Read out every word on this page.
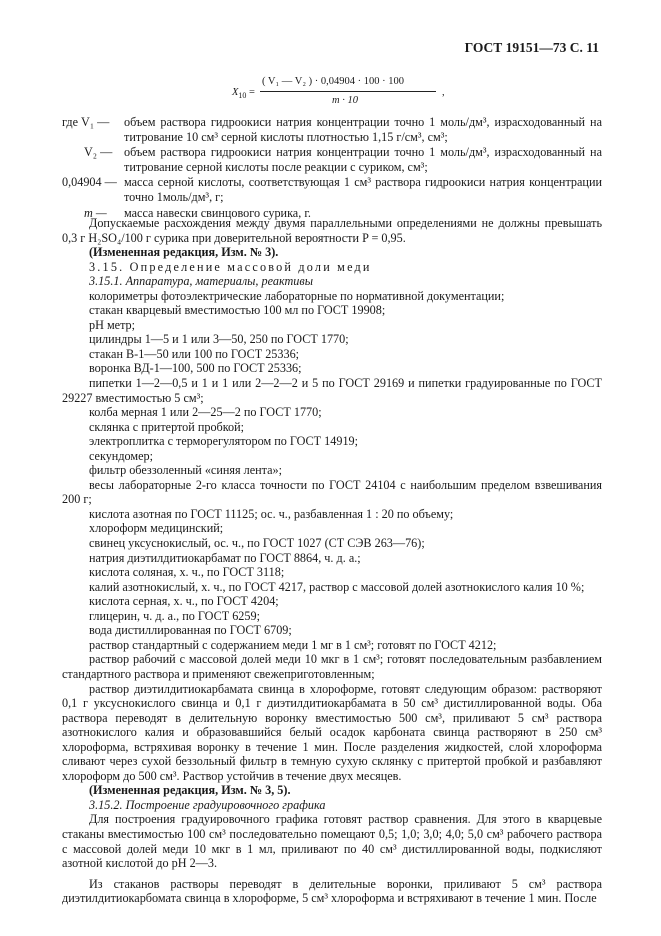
ГОСТ 19151—73 С. 11
$X_{10}$ =
( V₁ — V₂ ) · 0,04904 · 100 · 100
m · 10
,
где V₁ —	объем раствора гидроокиси натрия концентрации точно 1 моль/дм³, израсходованный на титрование 10 см³ серной кислоты плотностью 1,15 г/см³, см³;
V₂ — объем раствора гидроокиси натрия концентрации точно 1 моль/дм³, израсходованный на титрование серной кислоты после реакции с суриком, см³;
0,04904 — масса серной кислоты, соответствующая 1 см³ раствора гидроокиси натрия концентрации точно 1моль/дм³, г;
m —	масса навески свинцового сурика, г.

Допускаемые расхождения между двумя параллельными определениями не должны превышать 0,3 г H₂SO₄/100 г сурика при доверительной вероятности P = 0,95.

(Измененная редакция, Изм. № 3).

3.15. Определение массовой доли меди

3.15.1. Аппаратура, материалы, реактивы

колориметры фотоэлектрические лабораторные по нормативной документации;

стакан кварцевый вместимостью 100 мл по ГОСТ 19908;

рН метр;

цилиндры 1—5 и 1 или 3—50, 250 по ГОСТ 1770;

стакан В-1—50 или 100 по ГОСТ 25336;

воронка ВД-1—100, 500 по ГОСТ 25336;

пипетки 1—2—0,5 и 1 и 1 или 2—2—2 и 5 по ГОСТ 29169 и пипетки градуированные по ГОСТ 29227 вместимостью 5 см³;

колба мерная 1 или 2—25—2 по ГОСТ 1770;

склянка с притертой пробкой;

электроплитка с терморегулятором по ГОСТ 14919;

секундомер;

фильтр обеззоленный «синяя лента»;

весы лабораторные 2-го класса точности по ГОСТ 24104 с наибольшим пределом взвешивания 200 г;

кислота азотная по ГОСТ 11125; ос. ч., разбавленная 1 : 20 по объему;

хлороформ медицинский;

свинец уксуснокислый, ос. ч., по ГОСТ 1027 (СТ СЭВ 263—76);

натрия диэтилдитиокарбамат по ГОСТ 8864, ч. д. а.;

кислота соляная, х. ч., по ГОСТ 3118;

калий азотнокислый, х. ч., по ГОСТ 4217, раствор с массовой долей азотнокислого калия 10 %;

кислота серная, х. ч., по ГОСТ 4204;

глицерин, ч. д. а., по ГОСТ 6259;

вода дистиллированная по ГОСТ 6709;

раствор стандартный с содержанием меди 1 мг в 1 см³; готовят по ГОСТ 4212;

раствор рабочий с массовой долей меди 10 мкг в 1 см³; готовят последовательным разбавлением стандартного раствора и применяют свежеприготовленным;

раствор диэтилдитиокарбамата свинца в хлороформе, готовят следующим образом: растворяют 0,1 г уксуснокислого свинца и 0,1 г диэтилдитиокарбамата в 50 см³ дистиллированной воды. Оба раствора переводят в делительную воронку вместимостью 500 см³, приливают 5 см³ раствора азотнокислого калия и образовавшийся белый осадок карбоната свинца растворяют в 250 см³ хлороформа, встряхивая воронку в течение 1 мин. После разделения жидкостей, слой хлороформа сливают через сухой беззольный фильтр в темную сухую склянку с притертой пробкой и разбавляют хлороформ до 500 см³. Раствор устойчив в течение двух месяцев.

(Измененная редакция, Изм. № 3, 5).

3.15.2. Построение градуировочного графика

Для построения градуировочного графика готовят раствор сравнения. Для этого в кварцевые стаканы вместимостью 100 см³ последовательно помещают 0,5; 1,0; 3,0; 4,0; 5,0 см³ рабочего раствора с массовой долей меди 10 мкг в 1 мл, приливают по 40 см³ дистиллированной воды, подкисляют азотной кислотой до рН 2—3.

Из стаканов растворы переводят в делительные воронки, приливают 5 см³ раствора диэтилдитиокарбомата свинца в хлороформе, 5 см³ хлороформа и встряхивают в течение 1 мин. После
